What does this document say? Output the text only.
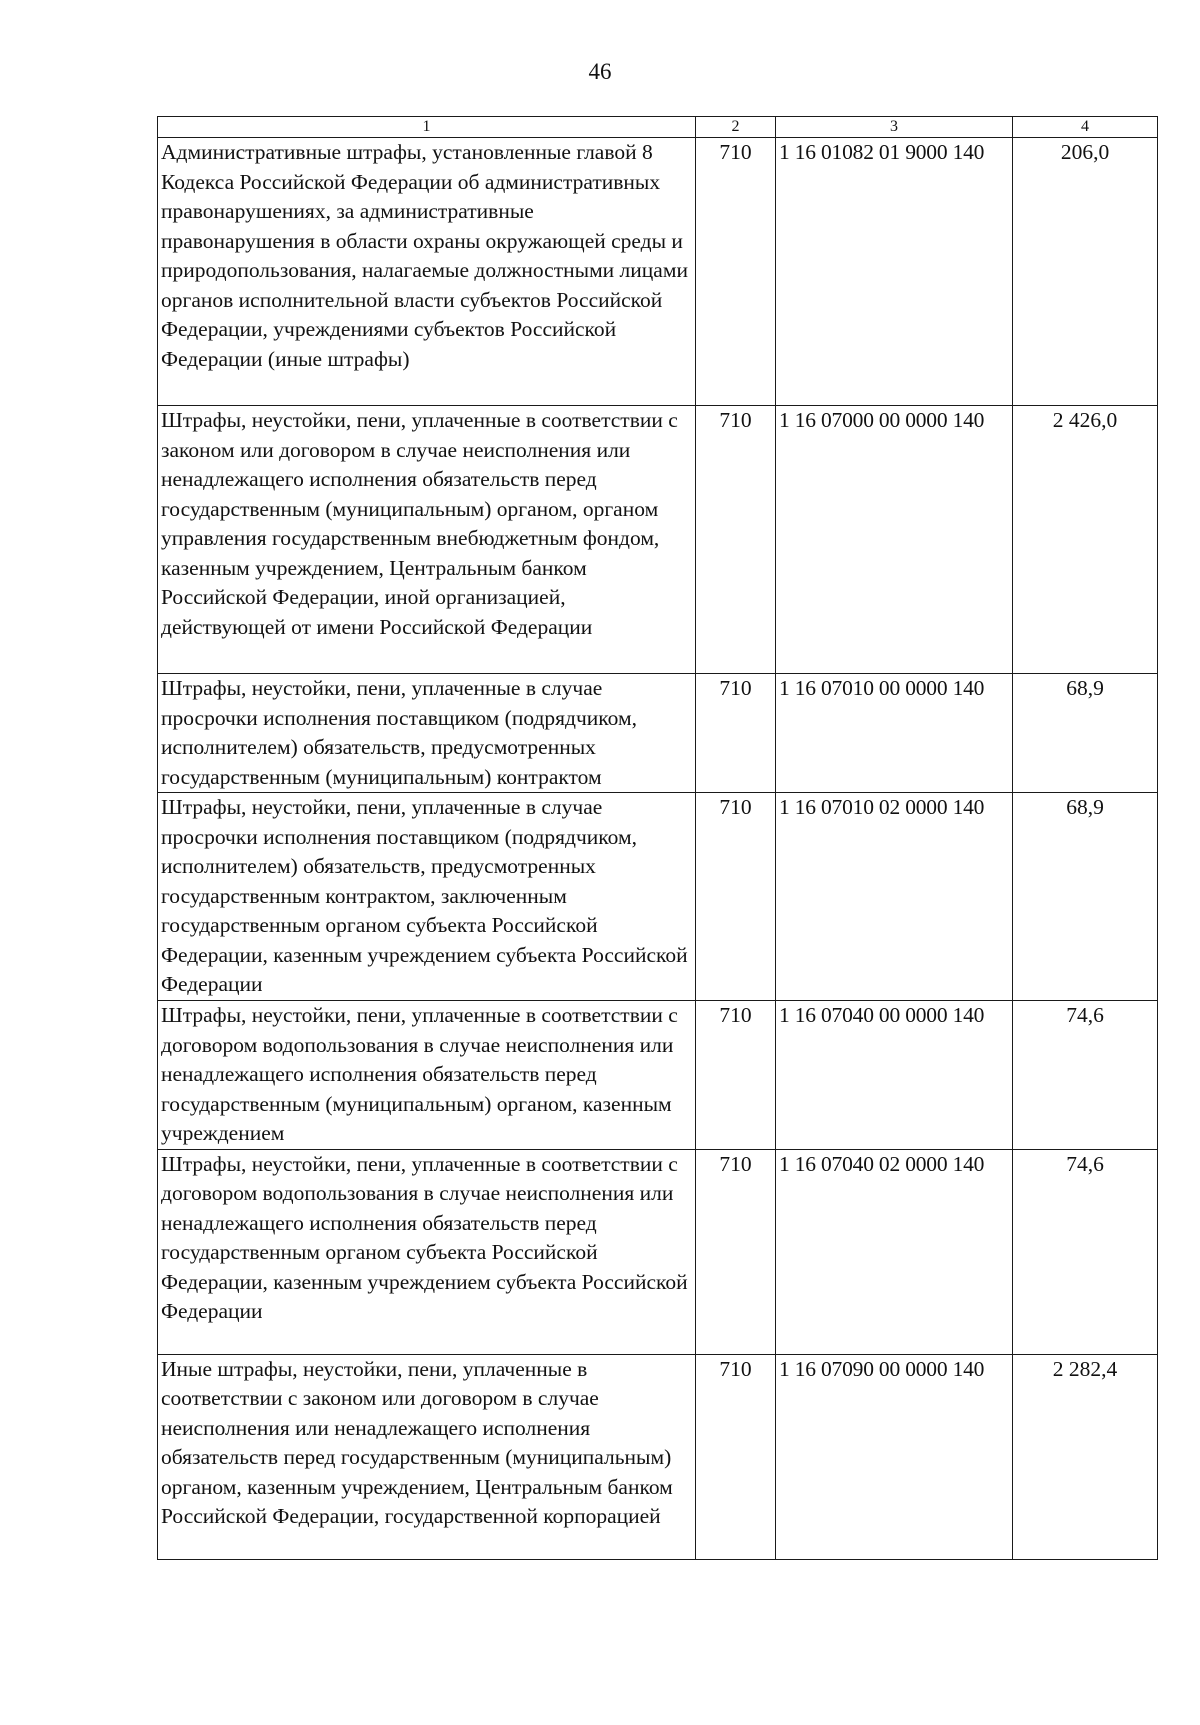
46
1	2	3	4
Административные штрафы, установленные главой 8 Кодекса Российской Федерации об административных правонарушениях, за административные правонарушения в области охраны окружающей среды и природопользования, налагаемые должностными лицами органов исполнительной власти субъектов Российской Федерации, учреждениями субъектов Российской Федерации (иные штрафы)	710	1 16 01082 01 9000 140	206,0
Штрафы, неустойки, пени, уплаченные в соответствии с законом или договором в случае неисполнения или ненадлежащего исполнения обязательств перед государственным (муниципальным) органом, органом управления государственным внебюджетным фондом, казенным учреждением, Центральным банком Российской Федерации, иной организацией, действующей от имени Российской Федерации	710	1 16 07000 00 0000 140	2 426,0
Штрафы, неустойки, пени, уплаченные в случае просрочки исполнения поставщиком (подрядчиком, исполнителем) обязательств, предусмотренных государственным (муниципальным) контрактом	710	1 16 07010 00 0000 140	68,9
Штрафы, неустойки, пени, уплаченные в случае просрочки исполнения поставщиком (подрядчиком, исполнителем) обязательств, предусмотренных государственным контрактом, заключенным государственным органом субъекта Российской Федерации, казенным учреждением субъекта Российской Федерации	710	1 16 07010 02 0000 140	68,9
Штрафы, неустойки, пени, уплаченные в соответствии с договором водопользования в случае неисполнения или ненадлежащего исполнения обязательств перед государственным (муниципальным) органом, казенным учреждением	710	1 16 07040 00 0000 140	74,6
Штрафы, неустойки, пени, уплаченные в соответствии с договором водопользования в случае неисполнения или ненадлежащего исполнения обязательств перед государственным органом субъекта Российской Федерации, казенным учреждением субъекта Российской Федерации	710	1 16 07040 02 0000 140	74,6
Иные штрафы, неустойки, пени, уплаченные в соответствии с законом или договором в случае неисполнения или ненадлежащего исполнения обязательств перед государственным (муниципальным) органом, казенным учреждением, Центральным банком Российской Федерации, государственной корпорацией	710	1 16 07090 00 0000 140	2 282,4
